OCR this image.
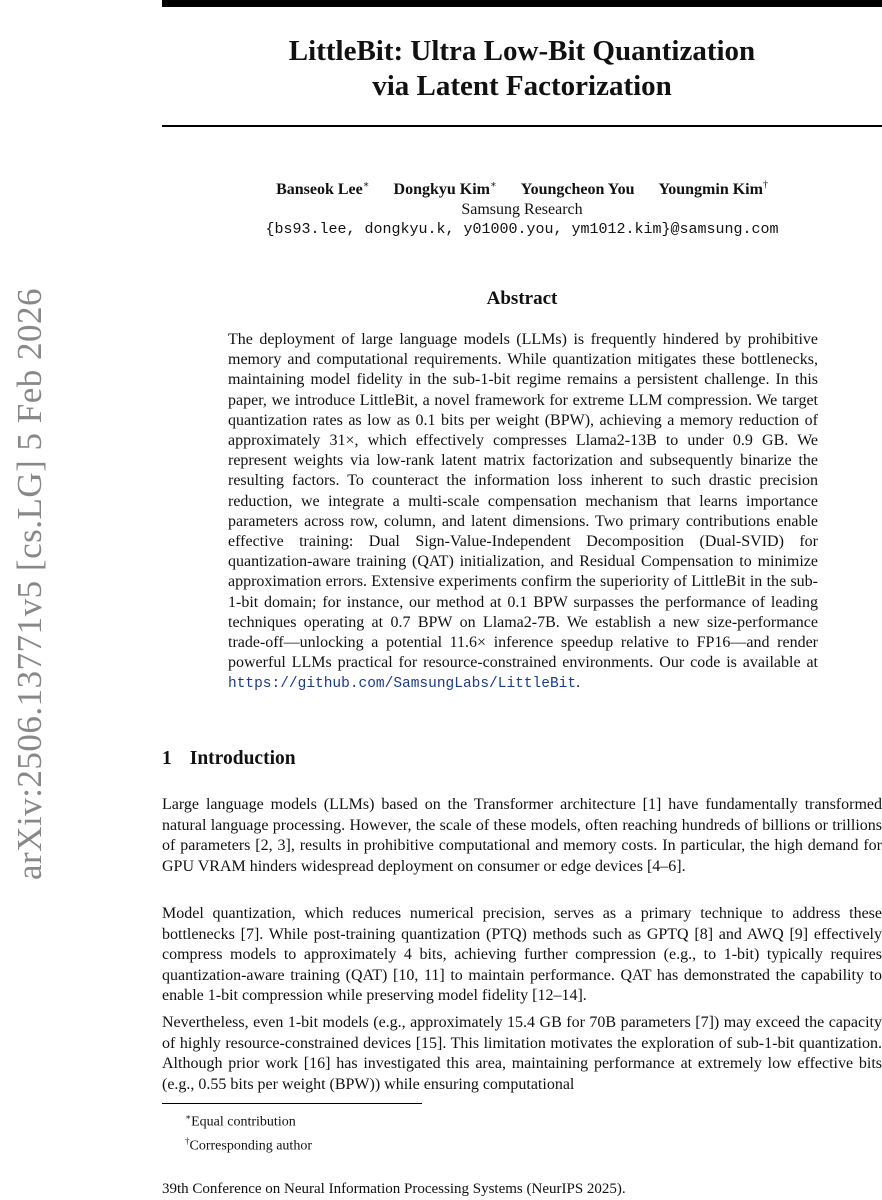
arXiv:2506.13771v5 [cs.LG] 5 Feb 2026
LittleBit: Ultra Low-Bit Quantization
via Latent Factorization
Banseok Lee∗ Dongkyu Kim∗ Youngcheon You Youngmin Kim†
Samsung Research
{bs93.lee, dongkyu.k, y01000.you, ym1012.kim}@samsung.com
Abstract

The deployment of large language models (LLMs) is frequently hindered by prohibitive memory and computational requirements. While quantization mitigates these bottlenecks, maintaining model fidelity in the sub-1-bit regime remains a persistent challenge. In this paper, we introduce LittleBit, a novel framework for extreme LLM compression. We target quantization rates as low as 0.1 bits per weight (BPW), achieving a memory reduction of approximately 31×, which effectively compresses Llama2-13B to under 0.9 GB. We represent weights via low-rank latent matrix factorization and subsequently binarize the resulting factors. To counteract the information loss inherent to such drastic precision reduction, we integrate a multi-scale compensation mechanism that learns importance parameters across row, column, and latent dimensions. Two primary contributions enable effective training: Dual Sign-Value-Independent Decomposition (Dual-SVID) for quantization-aware training (QAT) initialization, and Residual Compensation to minimize approximation errors. Extensive experiments confirm the superiority of LittleBit in the sub-1-bit domain; for instance, our method at 0.1 BPW surpasses the performance of leading techniques operating at 0.7 BPW on Llama2-7B. We establish a new size-performance trade-off—unlocking a potential 11.6× inference speedup relative to FP16—and render powerful LLMs practical for resource-constrained environments. Our code is available at https://github.com/SamsungLabs/LittleBit.

1 Introduction

Large language models (LLMs) based on the Transformer architecture [1] have fundamentally transformed natural language processing. However, the scale of these models, often reaching hundreds of billions or trillions of parameters [2, 3], results in prohibitive computational and memory costs. In particular, the high demand for GPU VRAM hinders widespread deployment on consumer or edge devices [4–6].

Model quantization, which reduces numerical precision, serves as a primary technique to address these bottlenecks [7]. While post-training quantization (PTQ) methods such as GPTQ [8] and AWQ [9] effectively compress models to approximately 4 bits, achieving further compression (e.g., to 1-bit) typically requires quantization-aware training (QAT) [10, 11] to maintain performance. QAT has demonstrated the capability to enable 1-bit compression while preserving model fidelity [12–14].

Nevertheless, even 1-bit models (e.g., approximately 15.4 GB for 70B parameters [7]) may exceed the capacity of highly resource-constrained devices [15]. This limitation motivates the exploration of sub-1-bit quantization. Although prior work [16] has investigated this area, maintaining performance at extremely low effective bits (e.g., 0.55 bits per weight (BPW)) while ensuring computational

∗Equal contribution
†Corresponding author
39th Conference on Neural Information Processing Systems (NeurIPS 2025).
